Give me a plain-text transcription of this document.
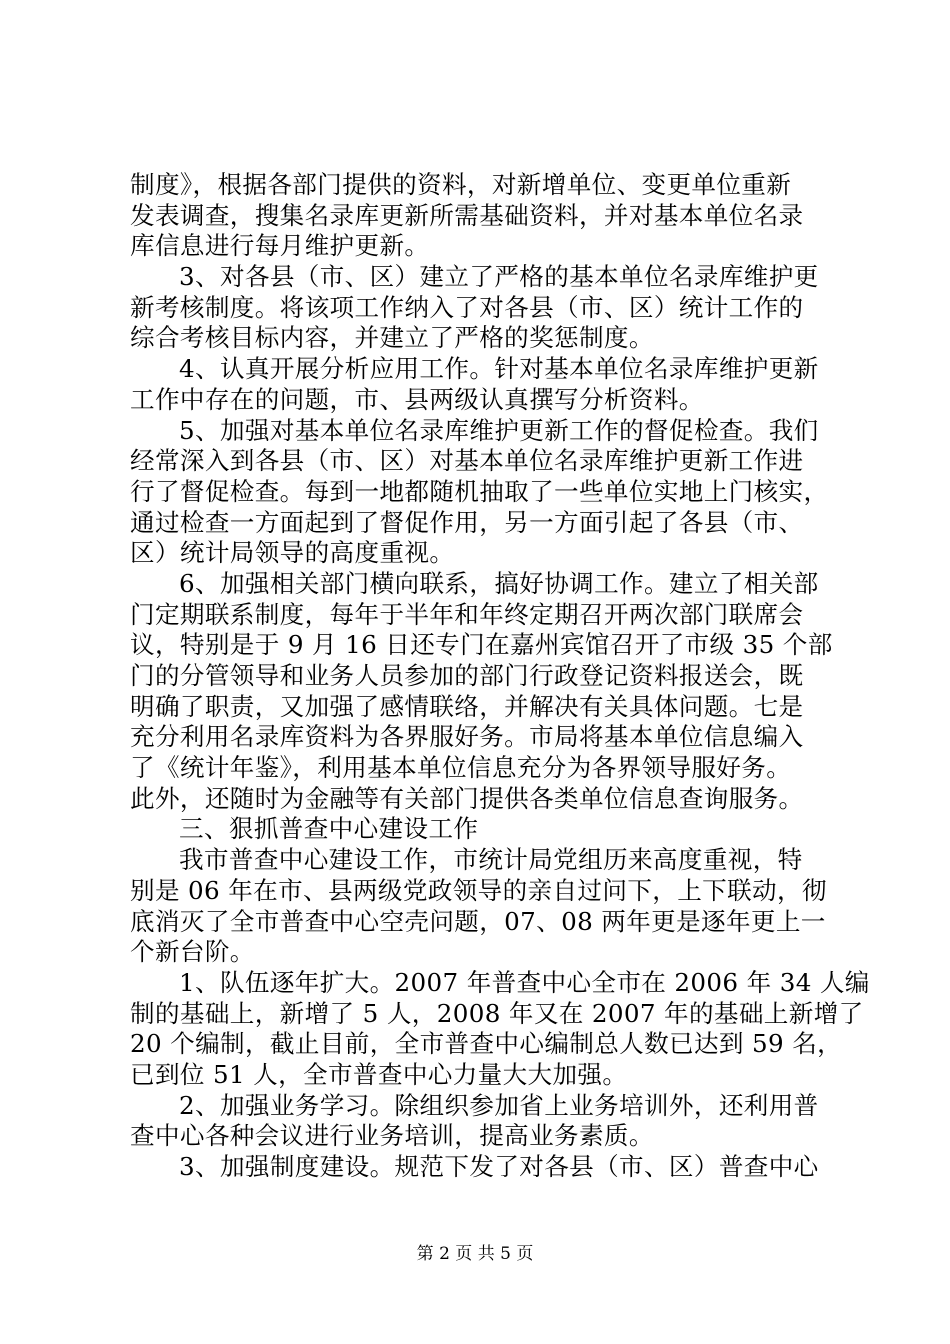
制度》，根据各部门提供的资料，对新增单位、变更单位重新
发表调查，搜集名录库更新所需基础资料，并对基本单位名录
库信息进行每月维护更新。
3、对各县（市、区）建立了严格的基本单位名录库维护更
新考核制度。将该项工作纳入了对各县（市、区）统计工作的
综合考核目标内容，并建立了严格的奖惩制度。
4、认真开展分析应用工作。针对基本单位名录库维护更新
工作中存在的问题，市、县两级认真撰写分析资料。
5、加强对基本单位名录库维护更新工作的督促检查。我们
经常深入到各县（市、区）对基本单位名录库维护更新工作进
行了督促检查。每到一地都随机抽取了一些单位实地上门核实，
通过检查一方面起到了督促作用，另一方面引起了各县（市、
区）统计局领导的高度重视。
6、加强相关部门横向联系，搞好协调工作。建立了相关部
门定期联系制度，每年于半年和年终定期召开两次部门联席会
议，特别是于 9 月 16 日还专门在嘉州宾馆召开了市级 35 个部
门的分管领导和业务人员参加的部门行政登记资料报送会，既
明确了职责，又加强了感情联络，并解决有关具体问题。七是
充分利用名录库资料为各界服好务。市局将基本单位信息编入
了《统计年鉴》，利用基本单位信息充分为各界领导服好务。
此外，还随时为金融等有关部门提供各类单位信息查询服务。
三、狠抓普查中心建设工作
我市普查中心建设工作，市统计局党组历来高度重视，特
别是 06 年在市、县两级党政领导的亲自过问下，上下联动，彻
底消灭了全市普查中心空壳问题，07、08 两年更是逐年更上一
个新台阶。
1、队伍逐年扩大。2007 年普查中心全市在 2006 年 34 人编
制的基础上，新增了 5 人，2008 年又在 2007 年的基础上新增了
20 个编制，截止目前，全市普查中心编制总人数已达到 59 名，
已到位 51 人，全市普查中心力量大大加强。
2、加强业务学习。除组织参加省上业务培训外，还利用普
查中心各种会议进行业务培训，提高业务素质。
3、加强制度建设。规范下发了对各县（市、区）普查中心
第 2 页 共 5 页
